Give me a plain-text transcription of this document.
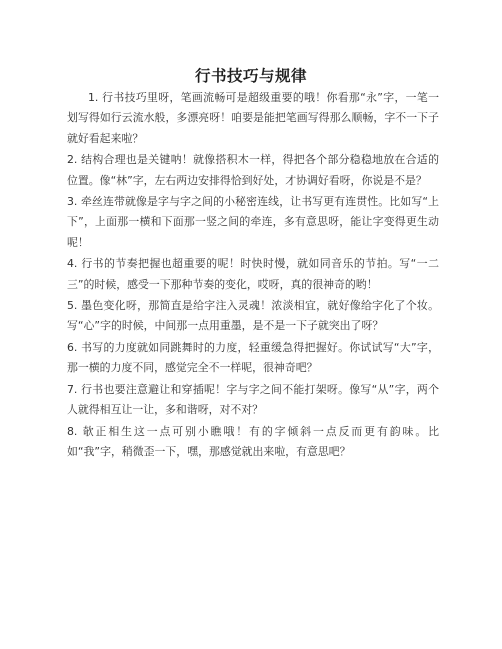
行书技巧与规律

1. 行书技巧里呀，笔画流畅可是超级重要的哦！你看那“永”字，一笔一划写得如行云流水般，多漂亮呀！咱要是能把笔画写得那么顺畅，字不一下子就好看起来啦？

2. 结构合理也是关键呐！就像搭积木一样，得把各个部分稳稳地放在合适的位置。像“林”字，左右两边安排得恰到好处，才协调好看呀，你说是不是？

3. 牵丝连带就像是字与字之间的小秘密连线，让书写更有连贯性。比如写“上下”，上面那一横和下面那一竖之间的牵连，多有意思呀，能让字变得更生动呢！

4. 行书的节奏把握也超重要的呢！时快时慢，就如同音乐的节拍。写“一二三”的时候，感受一下那种节奏的变化，哎呀，真的很神奇的哟！

5. 墨色变化呀，那简直是给字注入灵魂！浓淡相宜，就好像给字化了个妆。写“心”字的时候，中间那一点用重墨，是不是一下子就突出了呀？

6. 书写的力度就如同跳舞时的力度，轻重缓急得把握好。你试试写“大”字，那一横的力度不同，感觉完全不一样呢，很神奇吧？

7. 行书也要注意避让和穿插呢！字与字之间不能打架呀。像写“从”字，两个人就得相互让一让，多和谐呀，对不对？

8. 欹正相生这一点可别小瞧哦！有的字倾斜一点反而更有韵味。比如“我”字，稍微歪一下，嘿，那感觉就出来啦，有意思吧？
